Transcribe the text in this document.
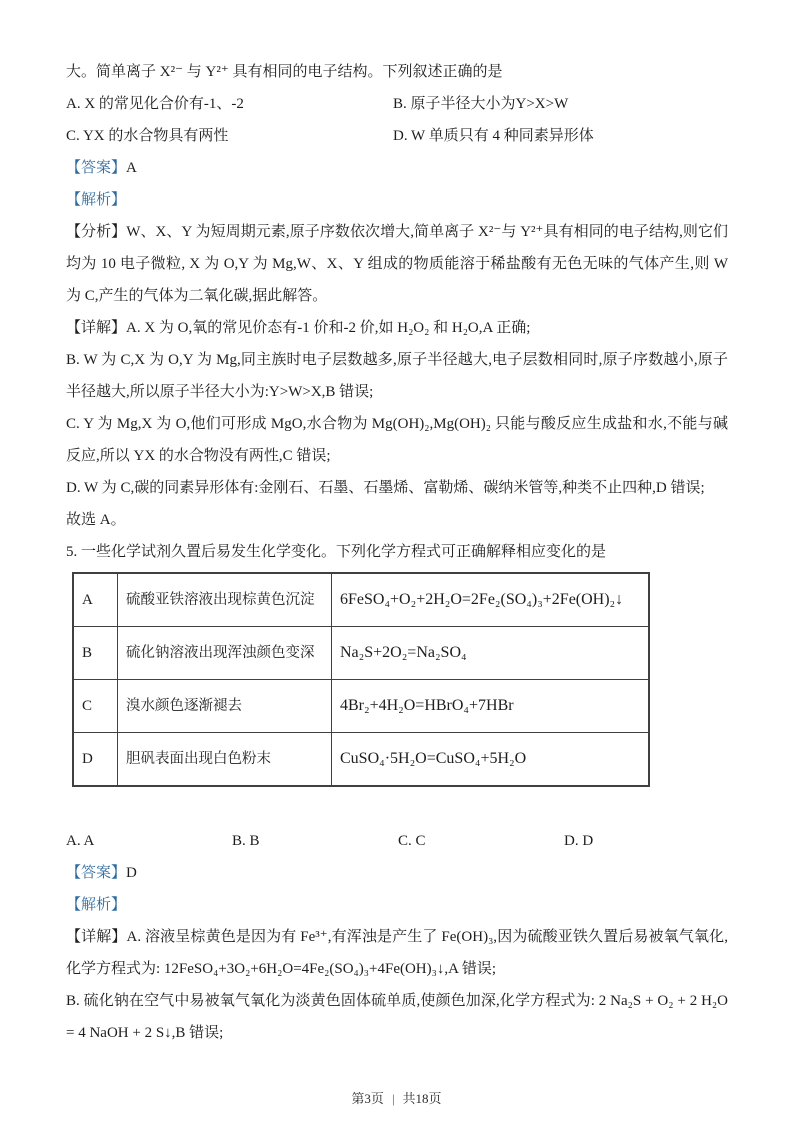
大。简单离子 X²⁻ 与 Y²⁺ 具有相同的电子结构。下列叙述正确的是

A. X 的常见化合价有-1、-2	B. 原子半径大小为Y>X>W
C. YX 的水合物具有两性	D. W 单质只有 4 种同素异形体

【答案】A

【解析】

【分析】W、X、Y 为短周期元素,原子序数依次增大,简单离子 X²⁻与 Y²⁺具有相同的电子结构,则它们均为 10 电子微粒, X 为 O,Y 为 Mg,W、X、Y 组成的物质能溶于稀盐酸有无色无味的气体产生,则 W 为 C,产生的气体为二氧化碳,据此解答。

【详解】A. X 为 O,氧的常见价态有-1 价和-2 价,如 H₂O₂ 和 H₂O,A 正确;

B. W 为 C,X 为 O,Y 为 Mg,同主族时电子层数越多,原子半径越大,电子层数相同时,原子序数越小,原子半径越大,所以原子半径大小为:Y>W>X,B 错误;

C. Y 为 Mg,X 为 O,他们可形成 MgO,水合物为 Mg(OH)₂,Mg(OH)₂ 只能与酸反应生成盐和水,不能与碱反应,所以 YX 的水合物没有两性,C 错误;

D. W 为 C,碳的同素异形体有:金刚石、石墨、石墨烯、富勒烯、碳纳米管等,种类不止四种,D 错误;

故选 A。

5. 一些化学试剂久置后易发生化学变化。下列化学方程式可正确解释相应变化的是

A	硫酸亚铁溶液出现棕黄色沉淀	6FeSO₄+O₂+2H₂O=2Fe₂(SO₄)₃+2Fe(OH)₂↓
B	硫化钠溶液出现浑浊颜色变深	Na₂S+2O₂=Na₂SO₄
C	溴水颜色逐渐褪去	4Br₂+4H₂O=HBrO₄+7HBr
D	胆矾表面出现白色粉末	CuSO₄·5H₂O=CuSO₄+5H₂O
A. A	B. B	C. C	D. D

【答案】D

【解析】

【详解】A. 溶液呈棕黄色是因为有 Fe³⁺,有浑浊是产生了 Fe(OH)₃,因为硫酸亚铁久置后易被氧气氧化,化学方程式为: 12FeSO₄+3O₂+6H₂O=4Fe₂(SO₄)₃+4Fe(OH)₃↓,A 错误;

B. 硫化钠在空气中易被氧气氧化为淡黄色固体硫单质,使颜色加深,化学方程式为: 2 Na₂S + O₂ + 2 H₂O = 4 NaOH + 2 S↓,B 错误;

第3页 | 共18页
